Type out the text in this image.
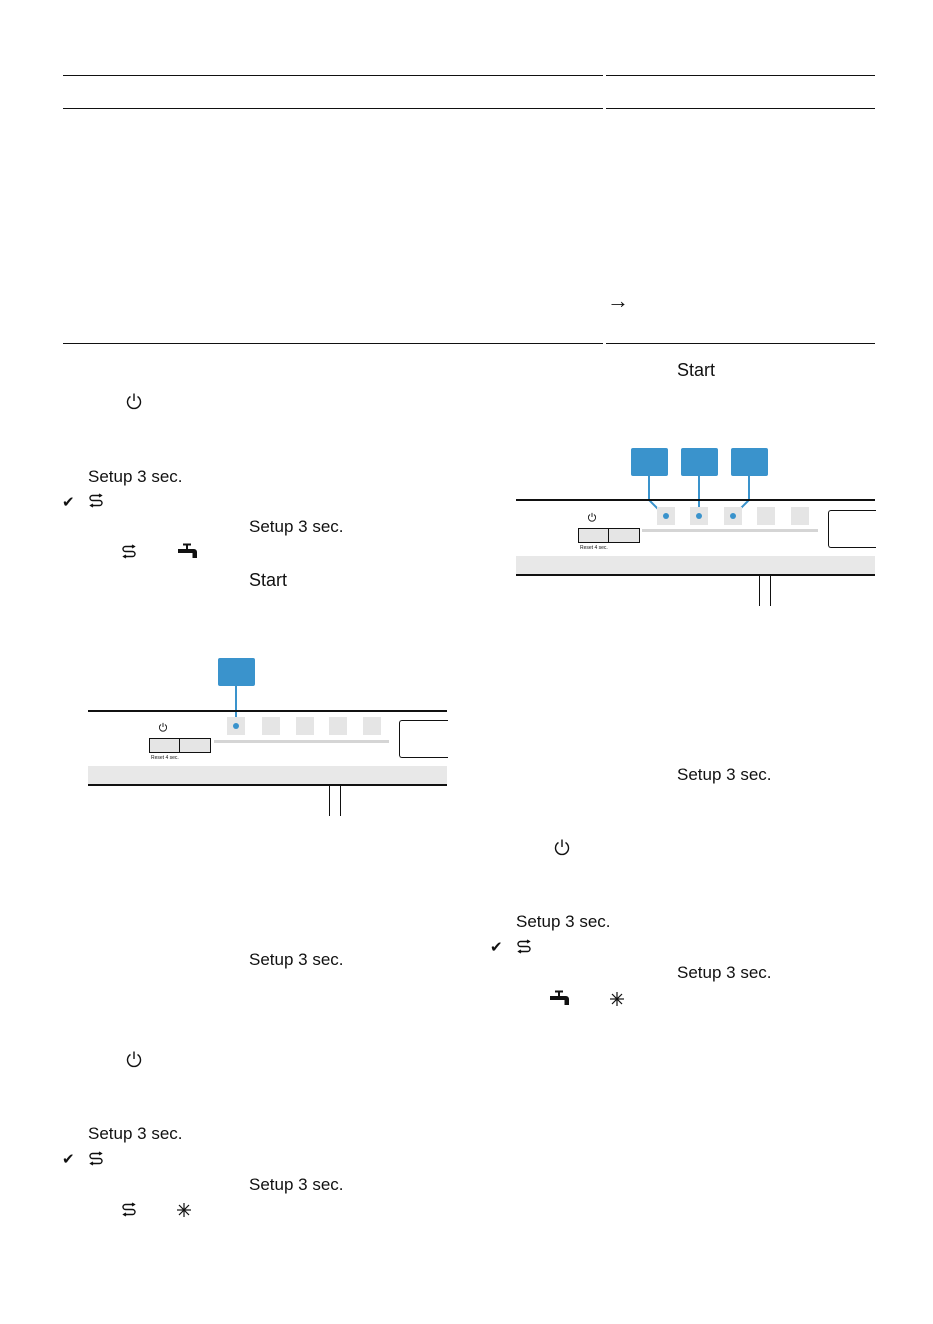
→
Setup 3 sec.
✔
Setup 3 sec.
Start
Reset 4 sec.
Setup 3 sec.
Setup 3 sec.
✔
Setup 3 sec.
Start
Reset 4 sec.
Setup 3 sec.
Setup 3 sec.
✔
Setup 3 sec.
